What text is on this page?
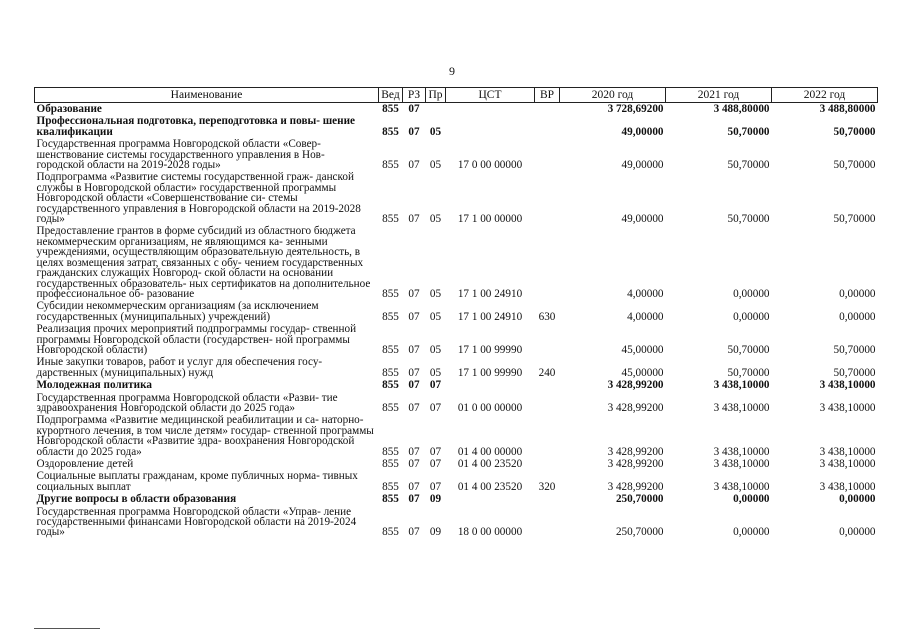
9
Наименование	Вед	РЗ	Пр	ЦСТ	ВР	2020 год	2021 год	2022 год
Образование	855	07				3 728,69200	3 488,80000	3 488,80000
Профессиональная подготовка, переподготовка и повы- шение квалификации	855	07	05			49,00000	50,70000	50,70000
Государственная программа Новгородской области «Совер- шенствование системы государственного управления в Нов- городской области на 2019-2028 годы»	855	07	05	17 0 00 00000		49,00000	50,70000	50,70000
Подпрограмма «Развитие системы государственной граж- данской службы в Новгородской области» государственной программы Новгородской области «Совершенствование си- стемы государственного управления в Новгородской области на 2019-2028 годы»	855	07	05	17 1 00 00000		49,00000	50,70000	50,70000
Предоставление грантов в форме субсидий из областного бюджета некоммерческим организациям, не являющимся ка- зенными учреждениями, осуществляющим образовательную деятельность, в целях возмещения затрат, связанных с обу- чением государственных гражданских служащих Новгород- ской области на основании государственных образователь- ных сертификатов на дополнительное профессиональное об- разование	855	07	05	17 1 00 24910		4,00000	0,00000	0,00000
Субсидии некоммерческим организациям (за исключением государственных (муниципальных) учреждений)	855	07	05	17 1 00 24910	630	4,00000	0,00000	0,00000
Реализация прочих мероприятий подпрограммы государ- ственной программы Новгородской области (государствен- ной программы Новгородской области)	855	07	05	17 1 00 99990		45,00000	50,70000	50,70000
Иные закупки товаров, работ и услуг для обеспечения госу- дарственных (муниципальных) нужд	855	07	05	17 1 00 99990	240	45,00000	50,70000	50,70000
Молодежная политика	855	07	07			3 428,99200	3 438,10000	3 438,10000
Государственная программа Новгородской области «Разви- тие здравоохранения Новгородской области до 2025 года»	855	07	07	01 0 00 00000		3 428,99200	3 438,10000	3 438,10000
Подпрограмма «Развитие медицинской реабилитации и са- наторно-курортного лечения, в том числе детям» государ- ственной программы Новгородской области «Развитие здра- воохранения Новгородской области до 2025 года»	855	07	07	01 4 00 00000		3 428,99200	3 438,10000	3 438,10000
Оздоровление детей	855	07	07	01 4 00 23520		3 428,99200	3 438,10000	3 438,10000
Социальные выплаты гражданам, кроме публичных норма- тивных социальных выплат	855	07	07	01 4 00 23520	320	3 428,99200	3 438,10000	3 438,10000
Другие вопросы в области образования	855	07	09			250,70000	0,00000	0,00000
Государственная программа Новгородской области «Управ- ление государственными финансами Новгородской области на 2019-2024 годы»	855	07	09	18 0 00 00000		250,70000	0,00000	0,00000
